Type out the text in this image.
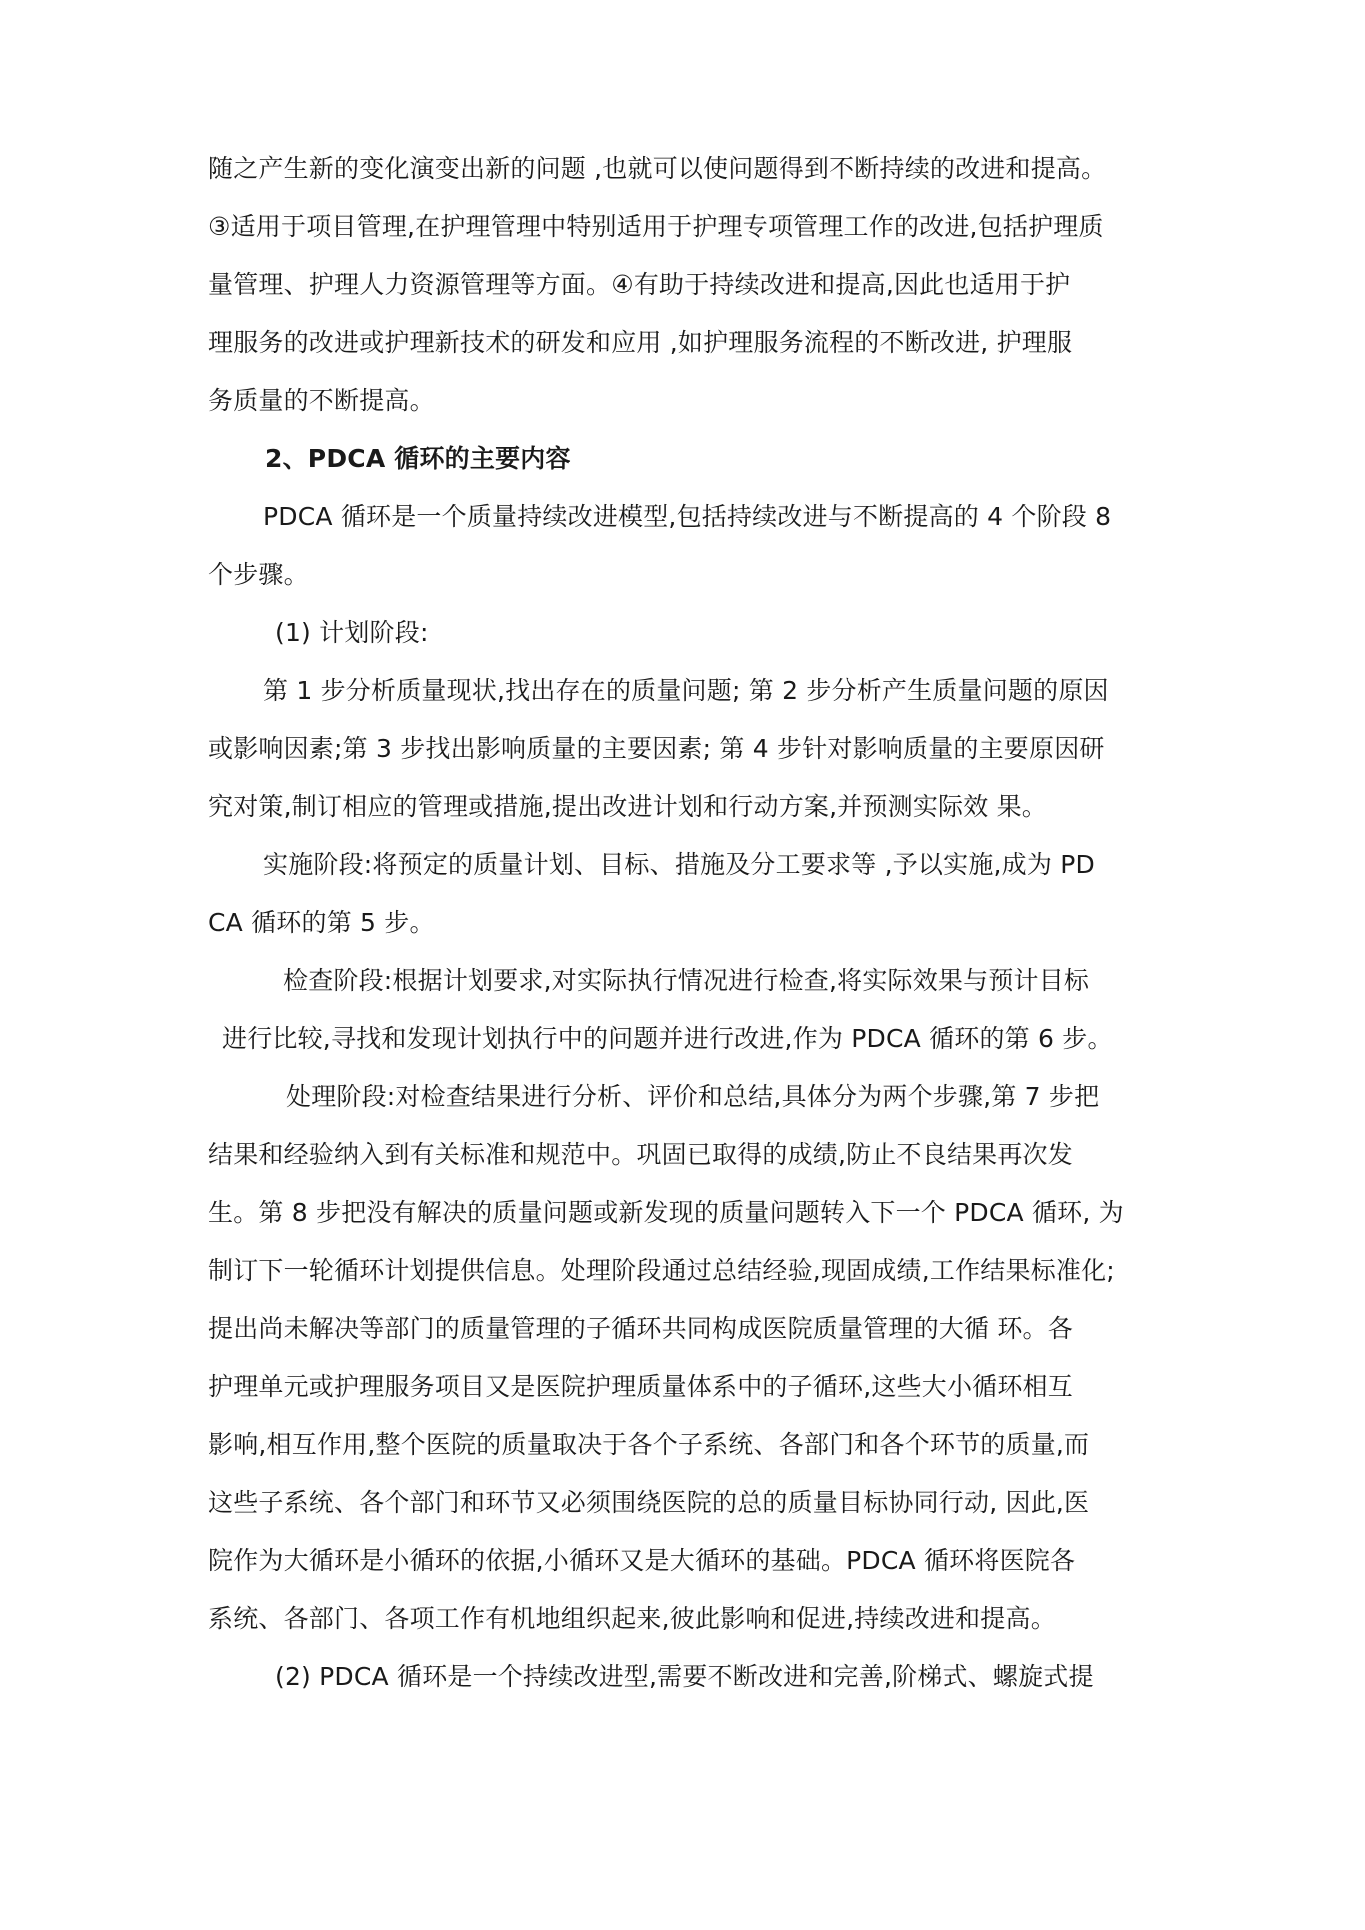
随之产生新的变化演变出新的问题 ,也就可以使问题得到不断持续的改进和提高。
③适用于项目管理,在护理管理中特别适用于护理专项管理工作的改进,包括护理质
量管理、护理人力资源管理等方面。④有助于持续改进和提高,因此也适用于护
理服务的改进或护理新技术的研发和应用 ,如护理服务流程的不断改进, 护理服
务质量的不断提高。
2、PDCA 循环的主要内容
PDCA 循环是一个质量持续改进模型,包括持续改进与不断提高的 4 个阶段 8
个步骤。
(1) 计划阶段:
第 1 步分析质量现状,找出存在的质量问题; 第 2 步分析产生质量问题的原因
或影响因素;第 3 步找出影响质量的主要因素; 第 4 步针对影响质量的主要原因研
究对策,制订相应的管理或措施,提出改进计划和行动方案,并预测实际效 果。
实施阶段:将预定的质量计划、目标、措施及分工要求等 ,予以实施,成为 PD
CA 循环的第 5 步。
检查阶段:根据计划要求,对实际执行情况进行检查,将实际效果与预计目标
进行比较,寻找和发现计划执行中的问题并进行改进,作为 PDCA 循环的第 6 步。
处理阶段:对检查结果进行分析、评价和总结,具体分为两个步骤,第 7 步把
结果和经验纳入到有关标准和规范中。巩固已取得的成绩,防止不良结果再次发
生。第 8 步把没有解决的质量问题或新发现的质量问题转入下一个 PDCA 循环, 为
制订下一轮循环计划提供信息。处理阶段通过总结经验,现固成绩,工作结果标准化;
提出尚未解决等部门的质量管理的子循环共同构成医院质量管理的大循 环。各
护理单元或护理服务项目又是医院护理质量体系中的子循环,这些大小循环相互
影响,相互作用,整个医院的质量取决于各个子系统、各部门和各个环节的质量,而
这些子系统、各个部门和环节又必须围绕医院的总的质量目标协同行动, 因此,医
院作为大循环是小循环的依据,小循环又是大循环的基础。PDCA 循环将医院各
系统、各部门、各项工作有机地组织起来,彼此影响和促进,持续改进和提高。
(2) PDCA 循环是一个持续改进型,需要不断改进和完善,阶梯式、螺旋式提
